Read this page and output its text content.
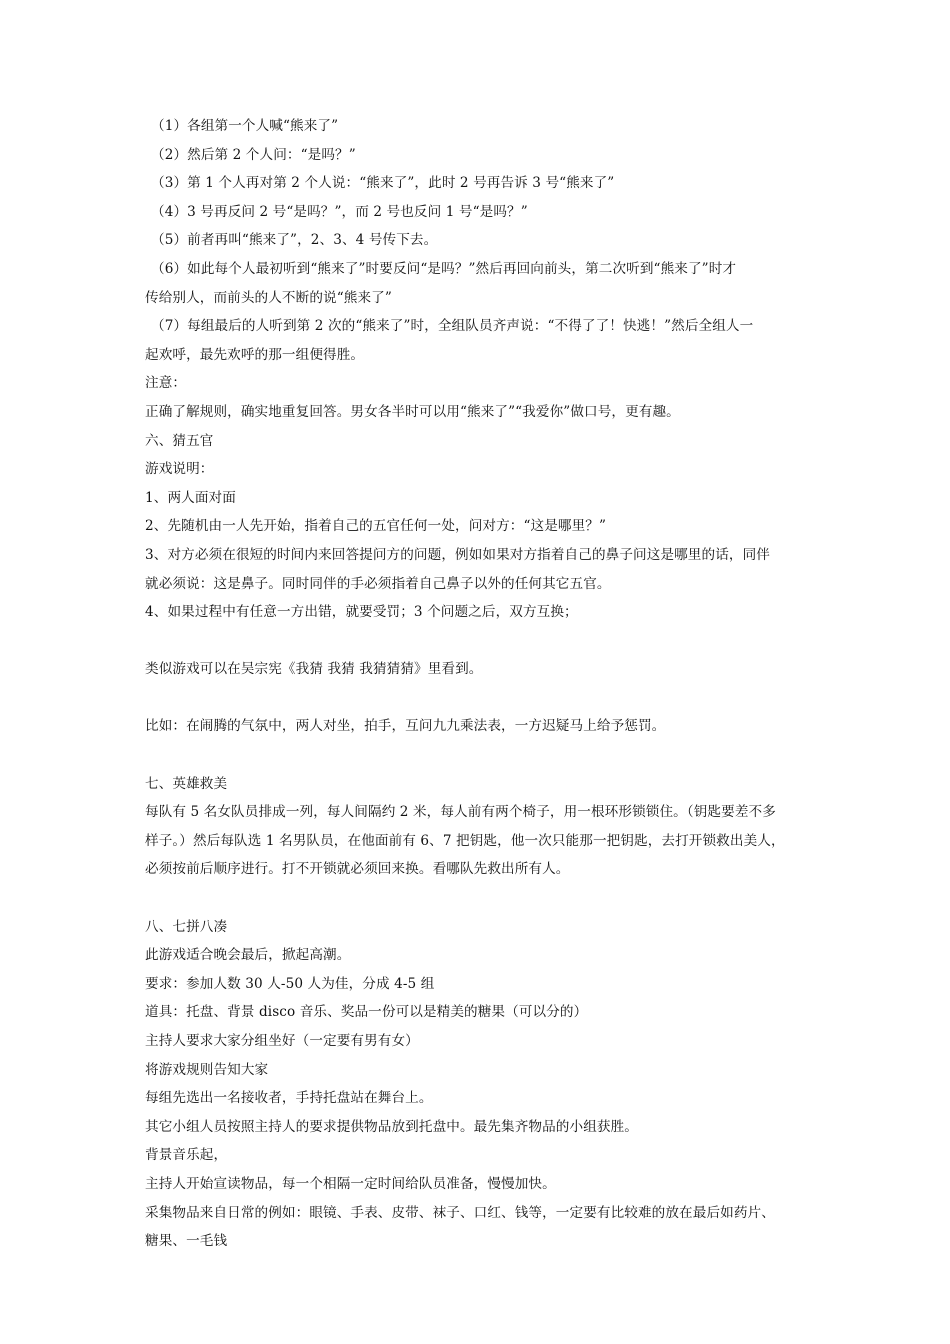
（1）各组第一个人喊“熊来了”
（2）然后第 2 个人问：“是吗？”
（3）第 1 个人再对第 2 个人说：“熊来了”，此时 2 号再告诉 3 号“熊来了”
（4）3 号再反问 2 号“是吗？”，而 2 号也反问 1 号“是吗？”
（5）前者再叫“熊来了”，2、3、4 号传下去。
（6）如此每个人最初听到“熊来了”时要反问“是吗？”然后再回向前头，第二次听到“熊来了”时才
传给别人，而前头的人不断的说“熊来了”
（7）每组最后的人听到第 2 次的“熊来了”时，全组队员齐声说：“不得了了！快逃！”然后全组人一
起欢呼，最先欢呼的那一组便得胜。
注意：
正确了解规则，确实地重复回答。男女各半时可以用“熊来了”“我爱你”做口号，更有趣。
六、猜五官
游戏说明：
1、两人面对面
2、先随机由一人先开始，指着自己的五官任何一处，问对方：“这是哪里？”
3、对方必须在很短的时间内来回答提问方的问题，例如如果对方指着自己的鼻子问这是哪里的话，同伴
就必须说：这是鼻子。同时同伴的手必须指着自己鼻子以外的任何其它五官。
4、如果过程中有任意一方出错，就要受罚；3 个问题之后，双方互换；
类似游戏可以在吴宗宪《我猜 我猜 我猜猜猜》里看到。
比如：在闹腾的气氛中，两人对坐，拍手，互问九九乘法表，一方迟疑马上给予惩罚。
七、英雄救美
每队有 5 名女队员排成一列，每人间隔约 2 米，每人前有两个椅子，用一根环形锁锁住。（钥匙要差不多
样子。）然后每队选 1 名男队员，在他面前有 6、7 把钥匙，他一次只能那一把钥匙，去打开锁救出美人，
必须按前后顺序进行。打不开锁就必须回来换。看哪队先救出所有人。
八、七拼八凑
此游戏适合晚会最后，掀起高潮。
要求：参加人数 30 人-50 人为佳，分成 4-5 组
道具：托盘、背景 disco 音乐、奖品一份可以是精美的糖果（可以分的）
主持人要求大家分组坐好（一定要有男有女）
将游戏规则告知大家
每组先选出一名接收者，手持托盘站在舞台上。
其它小组人员按照主持人的要求提供物品放到托盘中。最先集齐物品的小组获胜。
背景音乐起，
主持人开始宣读物品，每一个相隔一定时间给队员准备，慢慢加快。
采集物品来自日常的例如：眼镜、手表、皮带、袜子、口红、钱等，一定要有比较难的放在最后如药片、
糖果、一毛钱
